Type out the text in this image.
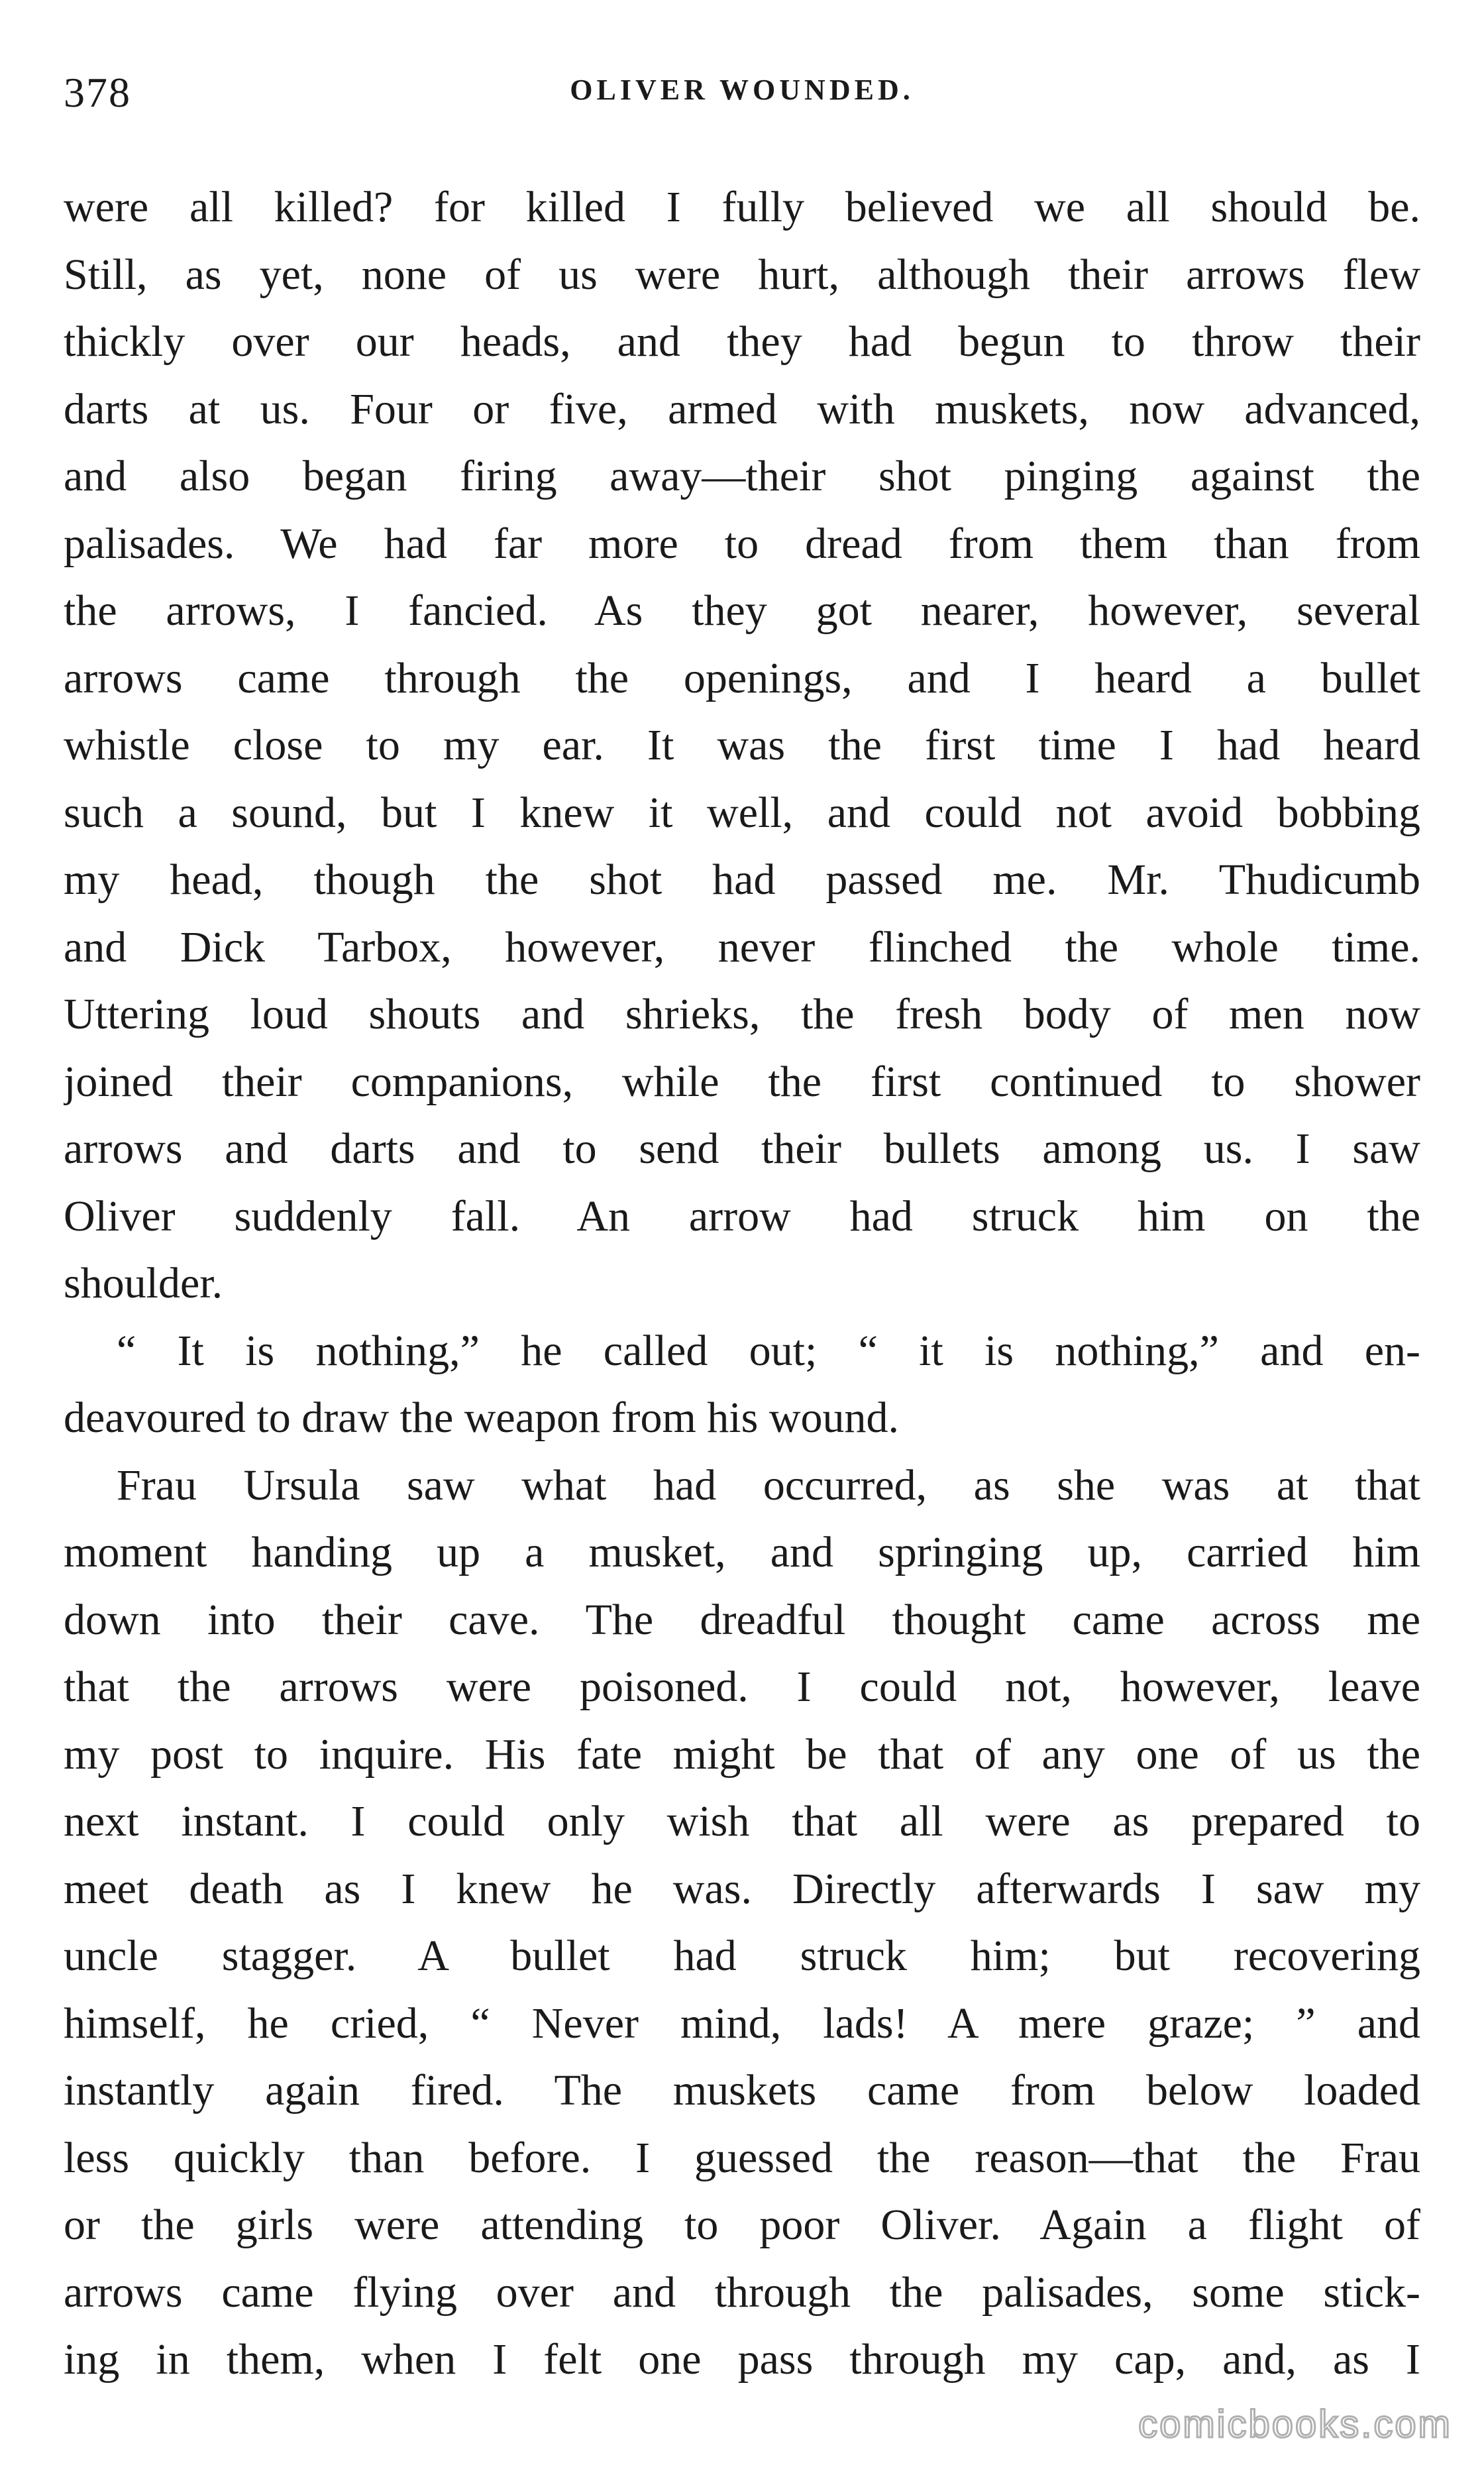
378	OLIVER WOUNDED.
were all killed? for killed I fully believed we all should be.
Still, as yet, none of us were hurt, although their arrows flew
thickly over our heads, and they had begun to throw their
darts at us. Four or five, armed with muskets, now advanced,
and also began firing away—their shot pinging against the
palisades. We had far more to dread from them than from
the arrows, I fancied. As they got nearer, however, several
arrows came through the openings, and I heard a bullet
whistle close to my ear. It was the first time I had heard
such a sound, but I knew it well, and could not avoid bobbing
my head, though the shot had passed me. Mr. Thudicumb
and Dick Tarbox, however, never flinched the whole time.
Uttering loud shouts and shrieks, the fresh body of men now
joined their companions, while the first continued to shower
arrows and darts and to send their bullets among us. I saw
Oliver suddenly fall. An arrow had struck him on the
shoulder.
“ It is nothing,” he called out; “ it is nothing,” and en-
deavoured to draw the weapon from his wound.
Frau Ursula saw what had occurred, as she was at that
moment handing up a musket, and springing up, carried him
down into their cave. The dreadful thought came across me
that the arrows were poisoned. I could not, however, leave
my post to inquire. His fate might be that of any one of us the
next instant. I could only wish that all were as prepared to
meet death as I knew he was. Directly afterwards I saw my
uncle stagger. A bullet had struck him; but recovering
himself, he cried, “ Never mind, lads! A mere graze; ” and
instantly again fired. The muskets came from below loaded
less quickly than before. I guessed the reason—that the Frau
or the girls were attending to poor Oliver. Again a flight of
arrows came flying over and through the palisades, some stick-
ing in them, when I felt one pass through my cap, and, as I
comicbooks.com
